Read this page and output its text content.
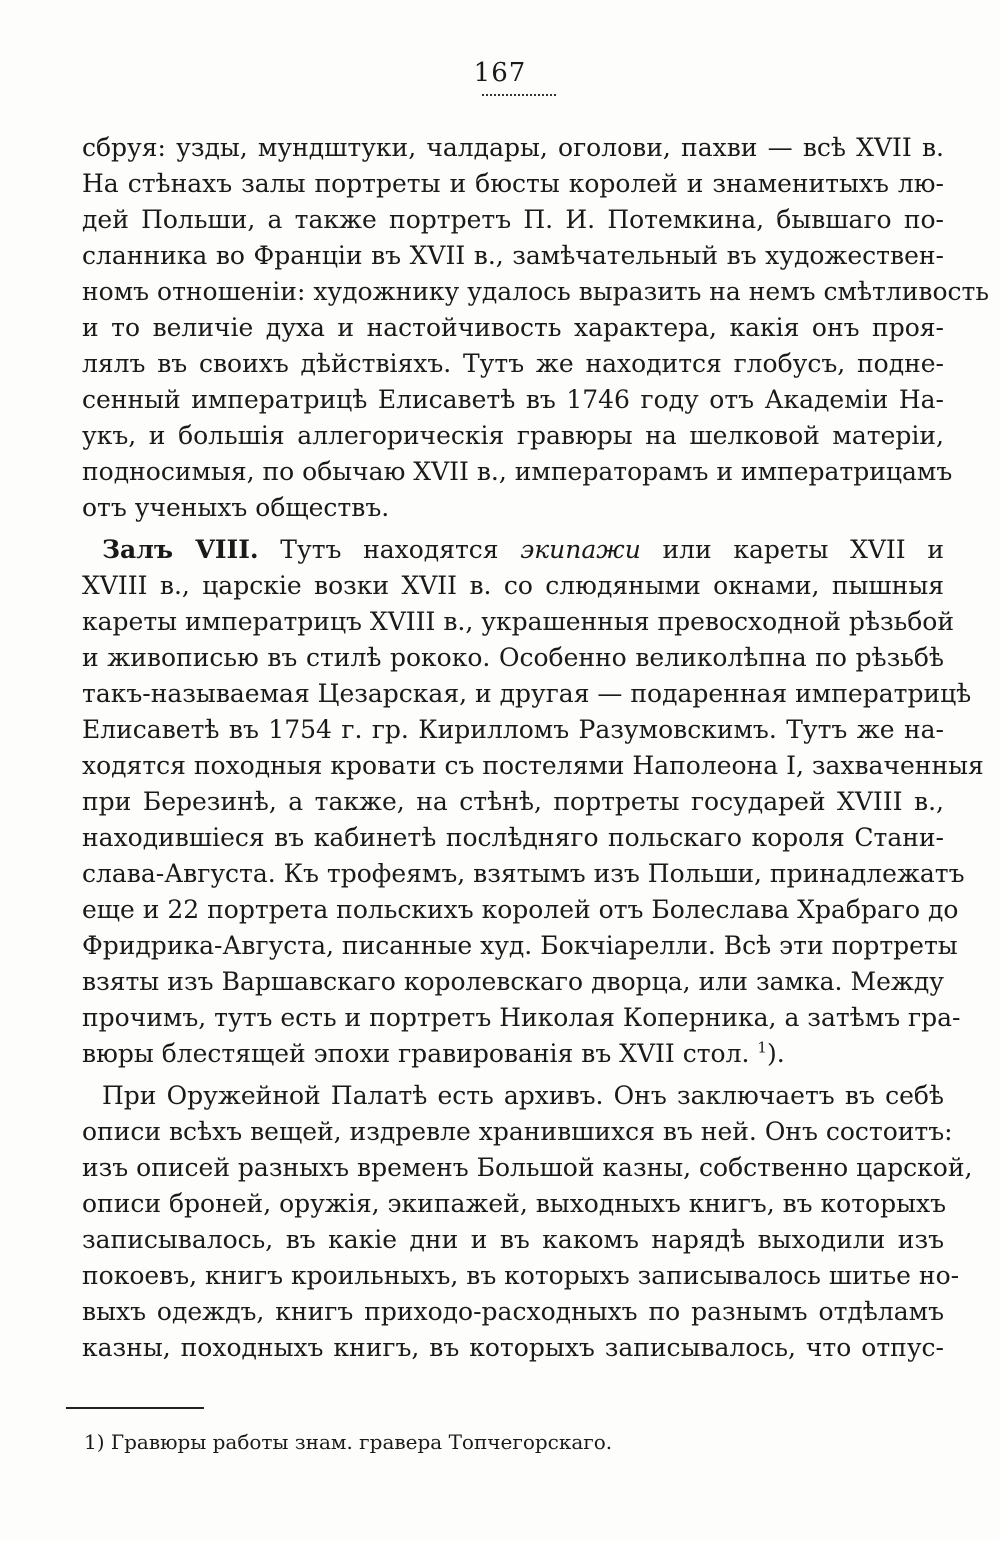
167
сбруя: узды, мундштуки, чалдары, оголови, пахви — всѣ XVII в.
На стѣнахъ залы портреты и бюсты королей и знаменитыхъ лю-
дей Польши, а также портретъ П. И. Потемкина, бывшаго по-
сланника во Франціи въ XVII в., замѣчательный въ художествен-
номъ отношеніи: художнику удалось выразить на немъ смѣтливость
и то величіе духа и настойчивость характера, какія онъ проя-
лялъ въ своихъ дѣйствіяхъ. Тутъ же находится глобусъ, поднe-
сенный императрицѣ Елисаветѣ въ 1746 году отъ Академіи На-
укъ, и большія аллегорическія гравюры на шелковой матеріи,
подносимыя, по обычаю XVII в., императорамъ и императрицамъ
отъ ученыхъ обществъ.
Залъ VIII. Тутъ находятся экипажи или кареты XVII и
XVIII в., царскіе возки XVII в. со слюдяными окнами, пышныя
кареты императрицъ XVIII в., украшенныя превосходной рѣзьбой
и живописью въ стилѣ рококо. Особенно великолѣпна по рѣзьбѣ
такъ-называемая Цезарская, и другая — подаренная императрицѣ
Елисаветѣ въ 1754 г. гр. Кирилломъ Разумовскимъ. Тутъ же на-
ходятся походныя кровати съ постелями Наполеона I, захваченныя
при Березинѣ, а также, на стѣнѣ, портреты государей XVIII в.,
находившіеся въ кабинетѣ послѣдняго польскаго короля Стани-
слава-Августа. Къ трофеямъ, взятымъ изъ Польши, принадлежатъ
еще и 22 портрета польскихъ королей отъ Болеслава Храбраго до
Фридрика-Августа, писанные худ. Бокчіарелли. Всѣ эти портреты
взяты изъ Варшавскаго королевскаго дворца, или замка. Между
прочимъ, тутъ есть и портретъ Николая Коперника, а затѣмъ гра-
вюры блестящей эпохи гравированія въ XVII стол. $^1$).
При Оружейной Палатѣ есть архивъ. Онъ заключаетъ въ себѣ
описи всѣхъ вещей, издревле хранившихся въ ней. Онъ состоитъ:
изъ описей разныхъ временъ Большой казны, собственно царской,
описи броней, оружія, экипажей, выходныхъ книгъ, въ которыхъ
записывалось, въ какіе дни и въ какомъ нарядѣ выходили изъ
покоевъ, книгъ кроильныхъ, въ которыхъ записывалось шитье но-
выхъ одеждъ, книгъ приходо-расходныхъ по разнымъ отдѣламъ
казны, походныхъ книгъ, въ которыхъ записывалось, что отпус-
1) Гравюры работы знам. гравера Топчегорскаго.
